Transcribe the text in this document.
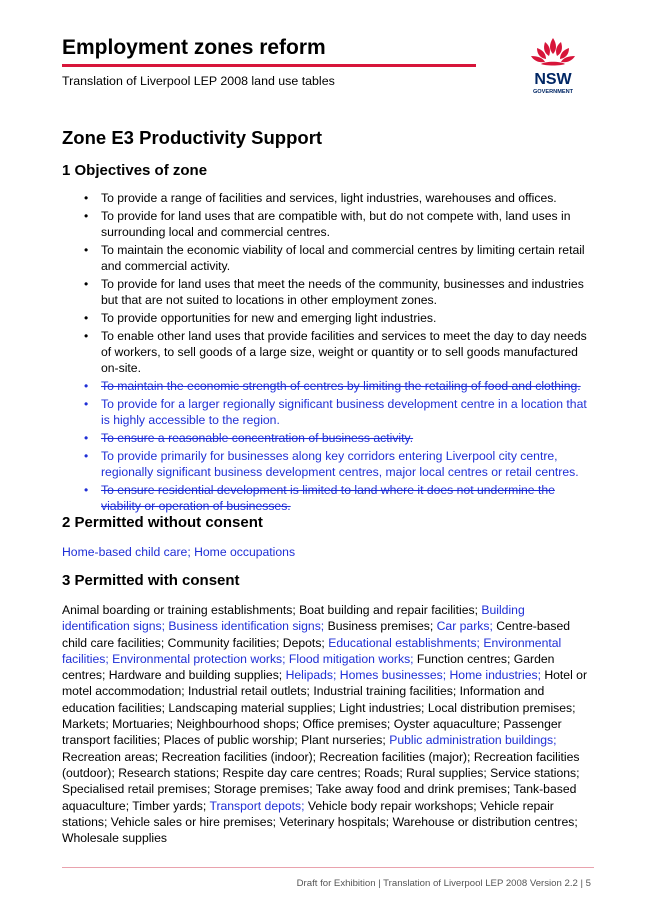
Employment zones reform
Translation of Liverpool LEP 2008 land use tables	NSW
GOVERNMENT
Zone E3 Productivity Support
1 Objectives of zone
• To provide a range of facilities and services, light industries, warehouses and offices.
• To provide for land uses that are compatible with, but do not compete with, land uses in surrounding local and commercial centres.
• To maintain the economic viability of local and commercial centres by limiting certain retail and commercial activity.
• To provide for land uses that meet the needs of the community, businesses and industries but that are not suited to locations in other employment zones.
• To provide opportunities for new and emerging light industries.
• To enable other land uses that provide facilities and services to meet the day to day needs of workers, to sell goods of a large size, weight or quantity or to sell goods manufactured on-site.
• To maintain the economic strength of centres by limiting the retailing of food and clothing.
• To provide for a larger regionally significant business development centre in a location that is highly accessible to the region.
• To ensure a reasonable concentration of business activity.
• To provide primarily for businesses along key corridors entering Liverpool city centre, regionally significant business development centres, major local centres or retail centres.
• To ensure residential development is limited to land where it does not undermine the viability or operation of businesses.
2 Permitted without consent
Home-based child care; Home occupations
3 Permitted with consent
Animal boarding or training establishments; Boat building and repair facilities; Building identification signs; Business identification signs; Business premises; Car parks; Centre-based child care facilities; Community facilities; Depots; Educational establishments; Environmental facilities; Environmental protection works; Flood mitigation works; Function centres; Garden centres; Hardware and building supplies; Helipads; Homes businesses; Home industries; Hotel or motel accommodation; Industrial retail outlets; Industrial training facilities; Information and education facilities; Landscaping material supplies; Light industries; Local distribution premises; Markets; Mortuaries; Neighbourhood shops; Office premises; Oyster aquaculture; Passenger transport facilities; Places of public worship; Plant nurseries; Public administration buildings; Recreation areas; Recreation facilities (indoor); Recreation facilities (major); Recreation facilities (outdoor); Research stations; Respite day care centres; Roads; Rural supplies; Service stations; Specialised retail premises; Storage premises; Take away food and drink premises; Tank-based aquaculture; Timber yards; Transport depots; Vehicle body repair workshops; Vehicle repair stations; Vehicle sales or hire premises; Veterinary hospitals; Warehouse or distribution centres; Wholesale supplies
Draft for Exhibition | Translation of Liverpool LEP 2008 Version 2.2 | 5
